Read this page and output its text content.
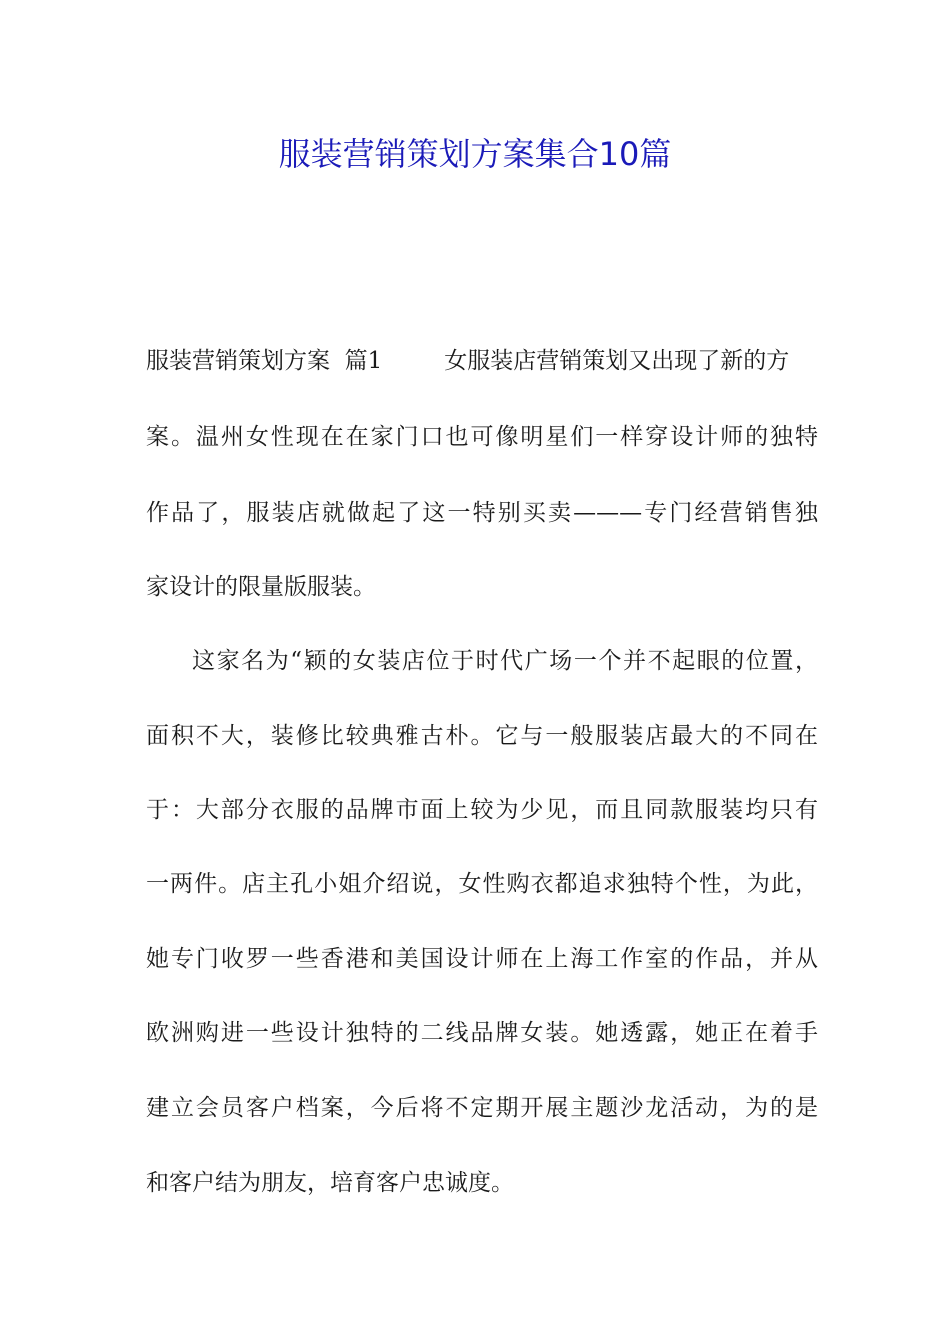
服装营销策划方案集合10篇
服装营销策划方案  篇1	女服装店营销策划又出现了新的方
案。温州女性现在在家门口也可像明星们一样穿设计师的独特
作品了，服装店就做起了这一特别买卖———专门经营销售独
家设计的限量版服装。
这家名为“颖的女装店位于时代广场一个并不起眼的位置，
面积不大，装修比较典雅古朴。它与一般服装店最大的不同在
于：大部分衣服的品牌市面上较为少见，而且同款服装均只有
一两件。店主孔小姐介绍说，女性购衣都追求独特个性，为此，
她专门收罗一些香港和美国设计师在上海工作室的作品，并从
欧洲购进一些设计独特的二线品牌女装。她透露，她正在着手
建立会员客户档案，今后将不定期开展主题沙龙活动，为的是
和客户结为朋友，培育客户忠诚度。
